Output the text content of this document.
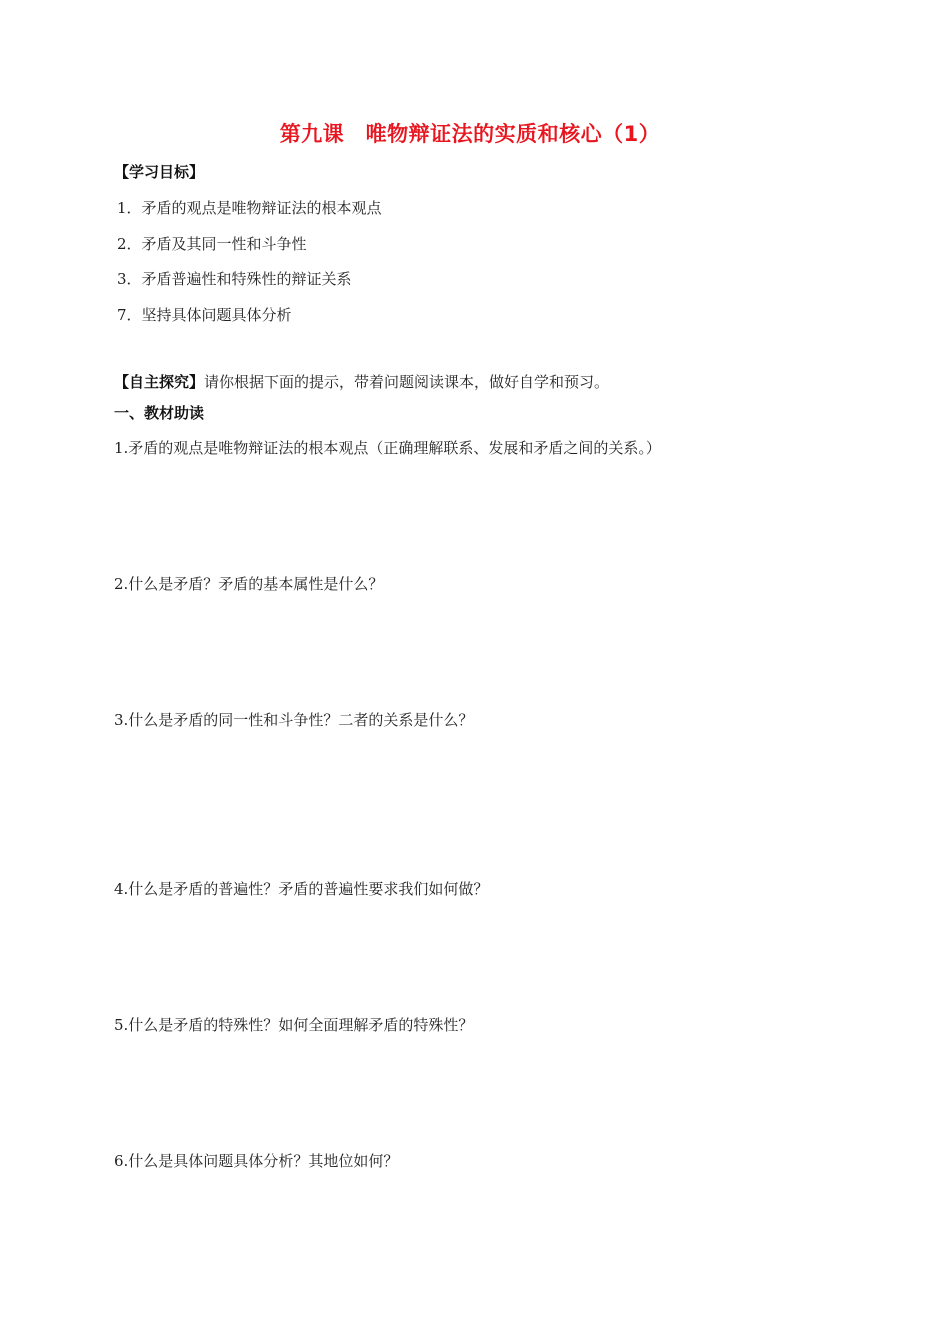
第九课　唯物辩证法的实质和核心（1）
【学习目标】
1．矛盾的观点是唯物辩证法的根本观点
2．矛盾及其同一性和斗争性
3．矛盾普遍性和特殊性的辩证关系
7．坚持具体问题具体分析
【自主探究】请你根据下面的提示，带着问题阅读课本，做好自学和预习。
一、教材助读
1.矛盾的观点是唯物辩证法的根本观点（正确理解联系、发展和矛盾之间的关系。）
2.什么是矛盾？矛盾的基本属性是什么？
3.什么是矛盾的同一性和斗争性？二者的关系是什么？
4.什么是矛盾的普遍性？矛盾的普遍性要求我们如何做？
5.什么是矛盾的特殊性？如何全面理解矛盾的特殊性？
6.什么是具体问题具体分析？其地位如何？
